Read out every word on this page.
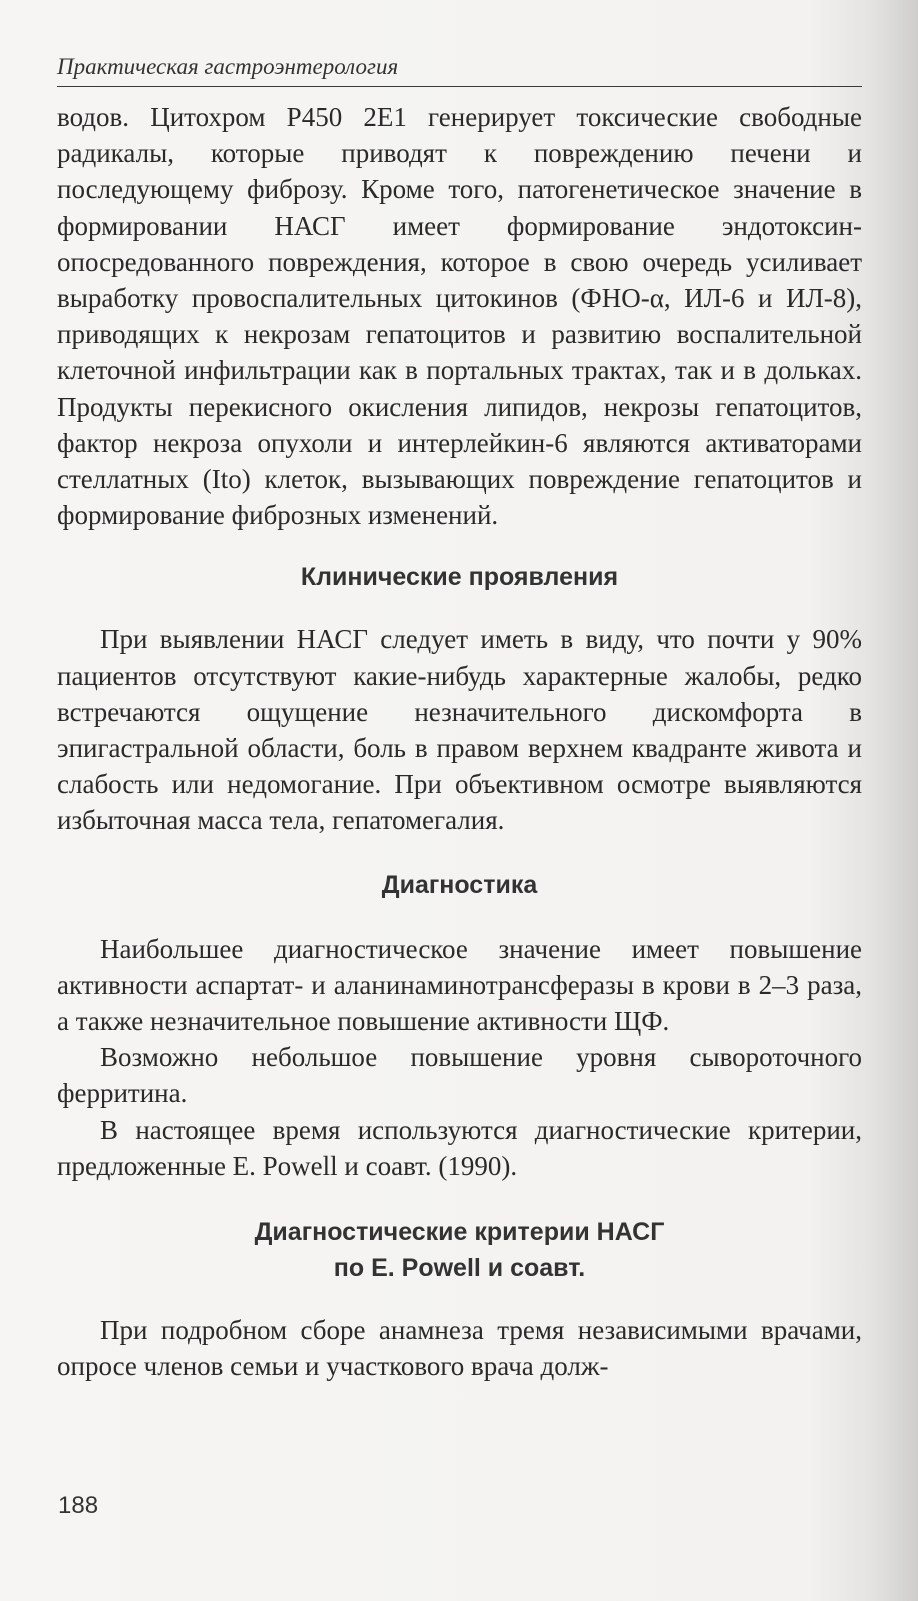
Практическая гастроэнтерология

водов. Цитохром Р450 2Е1 генерирует токсические свободные радикалы, которые приводят к повреждению печени и последующему фиброзу. Кроме того, патогенетическое значение в формировании НАСГ имеет формирование эндотоксин-опосредованного повреждения, которое в свою очередь усиливает выработку провоспалительных цитокинов (ФНО-α, ИЛ-6 и ИЛ-8), приводящих к некрозам гепатоцитов и развитию воспалительной клеточной инфильтрации как в портальных трактах, так и в дольках. Продукты перекисного окисления липидов, некрозы гепатоцитов, фактор некроза опухоли и интерлейкин-6 являются активаторами стеллатных (Ito) клеток, вызывающих повреждение гепатоцитов и формирование фиброзных изменений.

Клинические проявления

При выявлении НАСГ следует иметь в виду, что почти у 90% пациентов отсутствуют какие-нибудь характерные жалобы, редко встречаются ощущение незначительного дискомфорта в эпигастральной области, боль в правом верхнем квадранте живота и слабость или недомогание. При объективном осмотре выявляются избыточная масса тела, гепатомегалия.

Диагностика

Наибольшее диагностическое значение имеет повышение активности аспартат- и аланинаминотрансферазы в крови в 2–3 раза, а также незначительное повышение активности ЩФ.

Возможно небольшое повышение уровня сывороточного ферритина.

В настоящее время используются диагностические критерии, предложенные E. Powell и соавт. (1990).

Диагностические критерии НАСГ
по E. Powell и соавт.

При подробном сборе анамнеза тремя независимыми врачами, опросе членов семьи и участкового врача долж-

188
